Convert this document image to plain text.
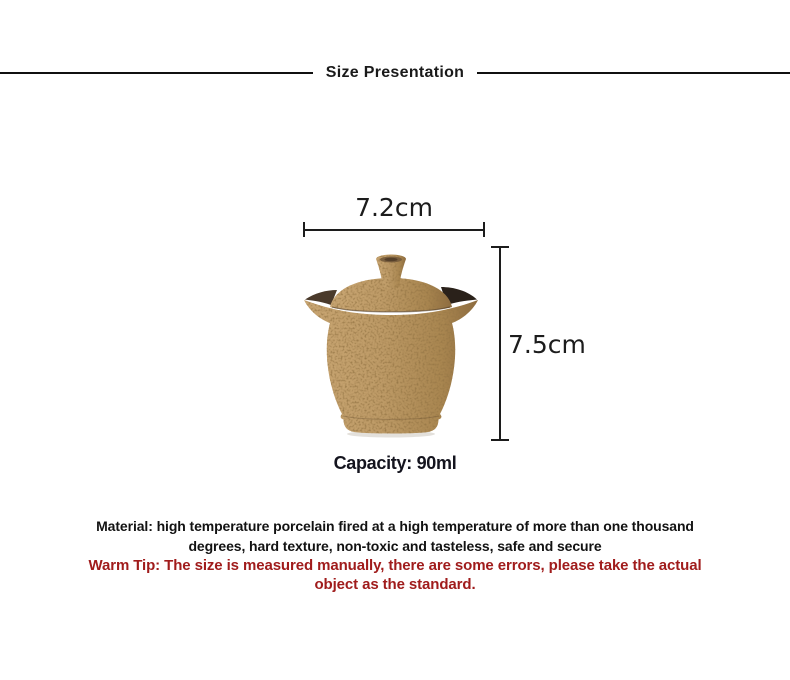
Size Presentation
7.2cm
7.5cm
Capacity: 90ml

Material: high temperature porcelain fired at a high temperature of more than one thousand
degrees, hard texture, non-toxic and tasteless, safe and secure

Warm Tip: The size is measured manually, there are some errors, please take the actual
object as the standard.
